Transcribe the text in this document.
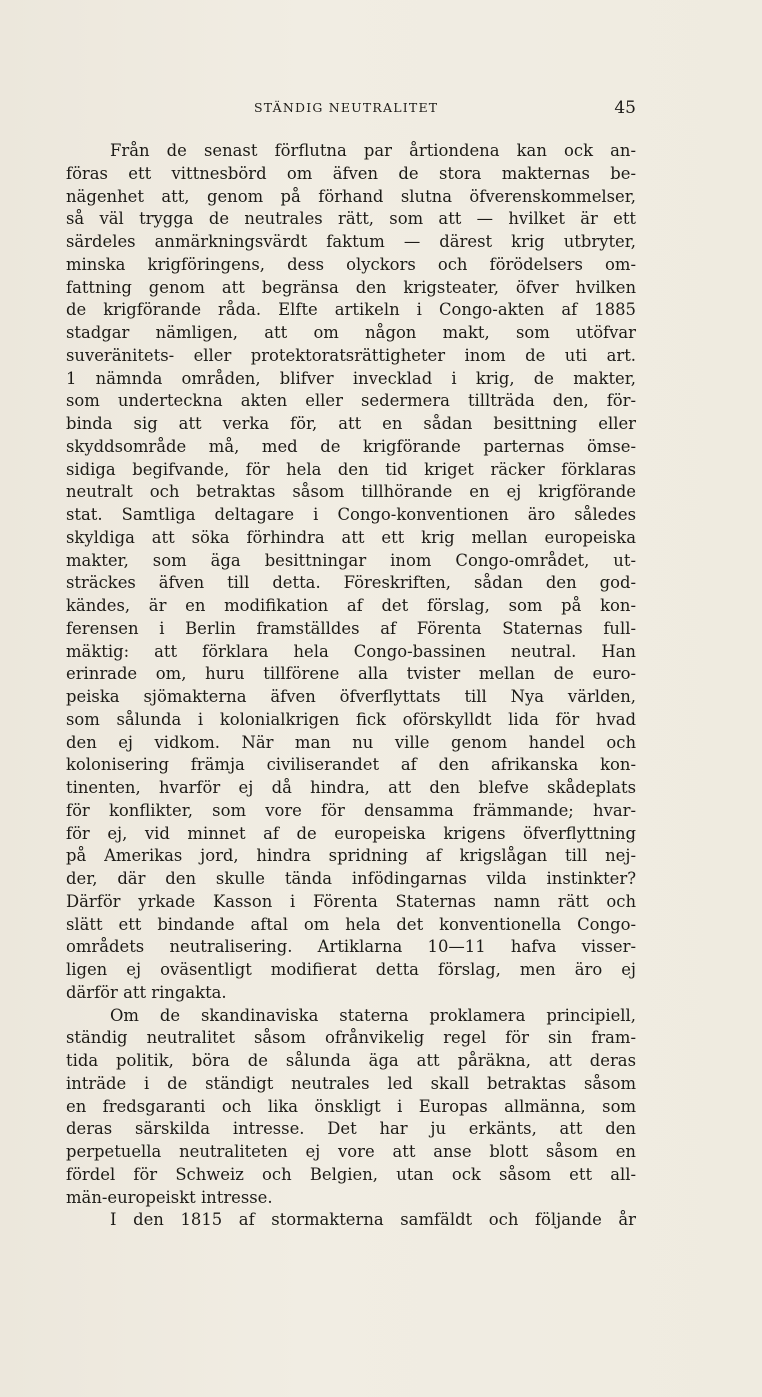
STÄNDIG NEUTRALITET	45
Från de senast förflutna par årtiondena kan ock an-
föras ett vittnesbörd om äfven de stora makternas be-
nägenhet att, genom på förhand slutna öfverenskommelser,
så väl trygga de neutrales rätt, som att — hvilket är ett
särdeles anmärkningsvärdt faktum — därest krig utbryter,
minska krigföringens, dess olyckors och förödelsers om-
fattning genom att begränsa den krigsteater, öfver hvilken
de krigförande råda. Elfte artikeln i Congo-akten af 1885
stadgar nämligen, att om någon makt, som utöfvar
suveränitets- eller protektoratsrättigheter inom de uti art.
1 nämnda områden, blifver invecklad i krig, de makter,
som underteckna akten eller sedermera tillträda den, för-
binda sig att verka för, att en sådan besittning eller
skyddsområde må, med de krigförande parternas ömse-
sidiga begifvande, för hela den tid kriget räcker förklaras
neutralt och betraktas såsom tillhörande en ej krigförande
stat. Samtliga deltagare i Congo-konventionen äro således
skyldiga att söka förhindra att ett krig mellan europeiska
makter, som äga besittningar inom Congo-området, ut-
sträckes äfven till detta. Föreskriften, sådan den god-
kändes, är en modifikation af det förslag, som på kon-
ferensen i Berlin framställdes af Förenta Staternas full-
mäktig: att förklara hela Congo-bassinen neutral. Han
erinrade om, huru tillförene alla tvister mellan de euro-
peiska sjömakterna äfven öfverflyttats till Nya världen,
som sålunda i kolonialkrigen fick oförskylldt lida för hvad
den ej vidkom. När man nu ville genom handel och
kolonisering främja civiliserandet af den afrikanska kon-
tinenten, hvarför ej då hindra, att den blefve skådeplats
för konflikter, som vore för densamma främmande; hvar-
för ej, vid minnet af de europeiska krigens öfverflyttning
på Amerikas jord, hindra spridning af krigslågan till nej-
der, där den skulle tända infödingarnas vilda instinkter?
Därför yrkade Kasson i Förenta Staternas namn rätt och
slätt ett bindande aftal om hela det konventionella Congo-
områdets neutralisering. Artiklarna 10—11 hafva visser-
ligen ej oväsentligt modifierat detta förslag, men äro ej
därför att ringakta.
Om de skandinaviska staterna proklamera principiell,
ständig neutralitet såsom ofrånvikelig regel för sin fram-
tida politik, böra de sålunda äga att påräkna, att deras
inträde i de ständigt neutrales led skall betraktas såsom
en fredsgaranti och lika önskligt i Europas allmänna, som
deras särskilda intresse. Det har ju erkänts, att den
perpetuella neutraliteten ej vore att anse blott såsom en
fördel för Schweiz och Belgien, utan ock såsom ett all-
män-europeiskt intresse.
I den 1815 af stormakterna samfäldt och följande år
